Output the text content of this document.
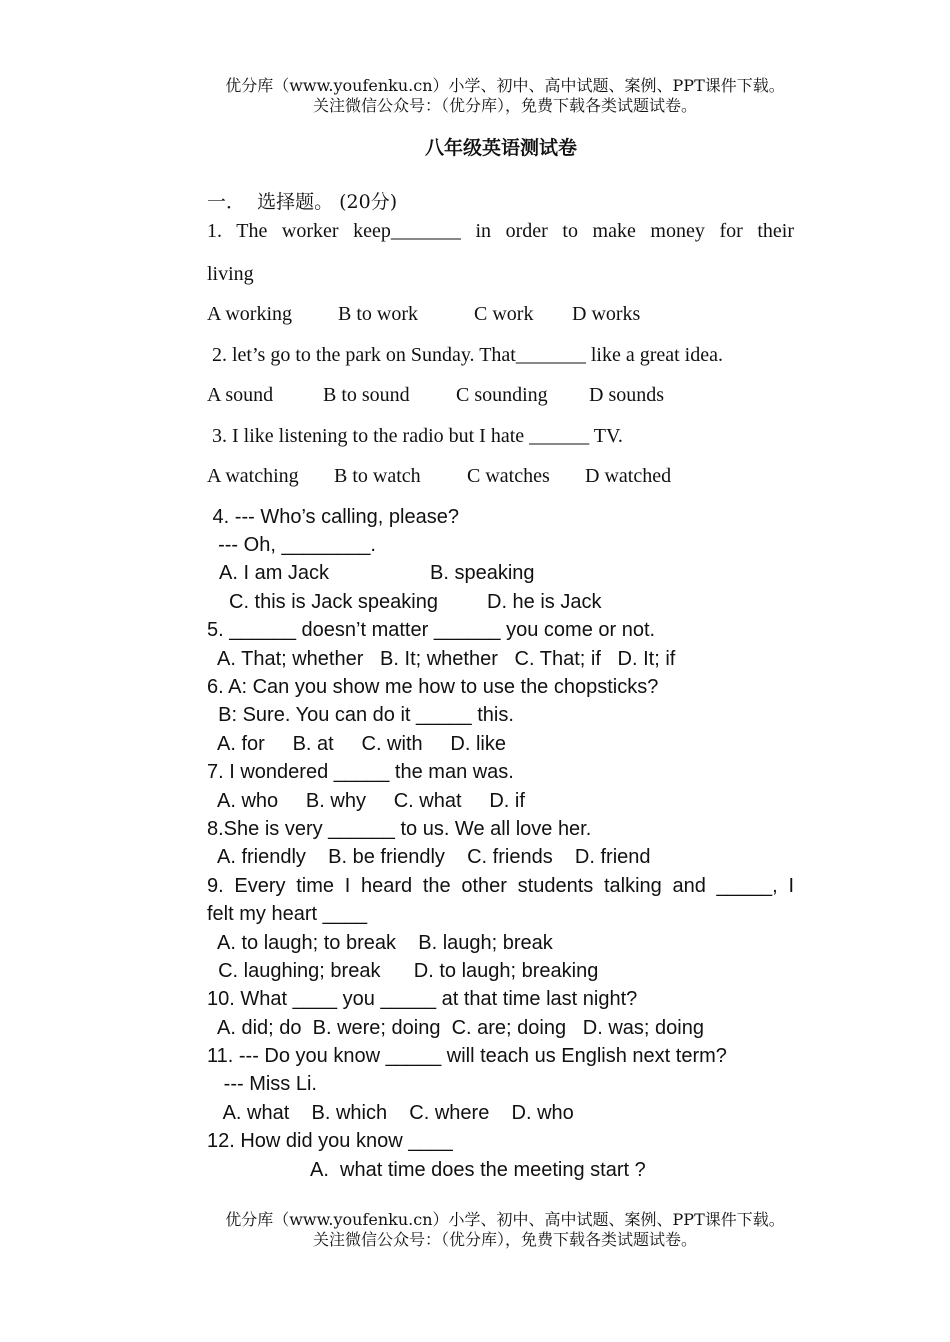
优分库（www.youfenku.cn）小学、初中、高中试题、案例、PPT课件下载。
关注微信公众号：（优分库），免费下载各类试题试卷。
八年级英语测试卷
一．  选择题。 (20分)
1. The worker keep_______ in order to make money for their
living
A working	B to work	C work	D works
2. let’s go to the park on Sunday. That_______ like a great idea.
A sound	B to sound	C sounding	D sounds
3. I like listening to the radio but I hate ______ TV.
A watching	B to watch	C watches	D watched
4. --- Who’s calling, please?
--- Oh, ________.
A. I am Jack	B. speaking
C. this is Jack speaking D. he is Jack
5. ______ doesn’t matter ______ you come or not.
A. That; whether   B. It; whether   C. That; if   D. It; if
6. A: Can you show me how to use the chopsticks?
B: Sure. You can do it _____ this.
A. for     B. at     C. with     D. like
7. I wondered _____ the man was.
A. who     B. why     C. what     D. if
8.She is very ______ to us. We all love her.
A. friendly    B. be friendly    C. friends    D. friend
9. Every time I heard the other students talking and _____, I
felt my heart ____
A. to laugh; to break    B. laugh; break
C. laughing; break      D. to laugh; breaking
10. What ____ you _____ at that time last night?
A. did; do  B. were; doing  C. are; doing   D. was; doing
11. --- Do you know _____ will teach us English next term?
--- Miss Li.
A. what    B. which    C. where    D. who
12. How did you know ____
A.  what time does the meeting start ?
优分库（www.youfenku.cn）小学、初中、高中试题、案例、PPT课件下载。
关注微信公众号：（优分库），免费下载各类试题试卷。
